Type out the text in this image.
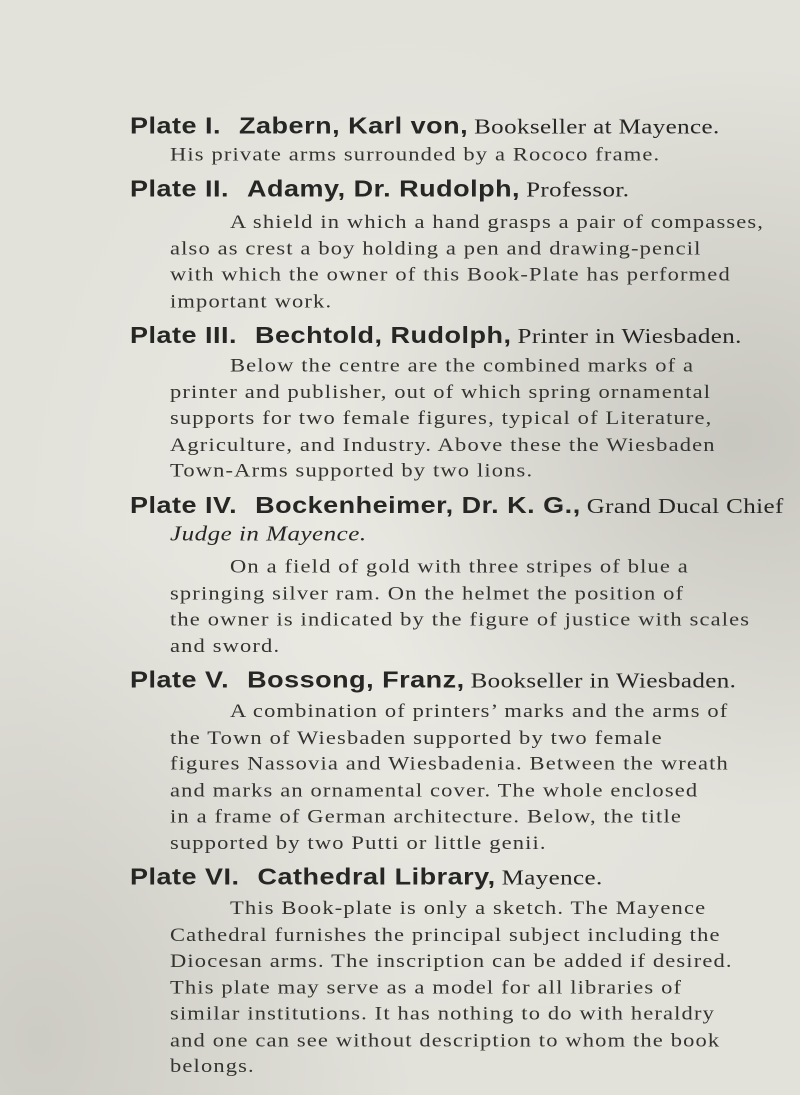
Plate I. Zabern, Karl von, Bookseller at Mayence.
His private arms surrounded by a Rococo frame.
Plate II. Adamy, Dr. Rudolph, Professor.
A shield in which a hand grasps a pair of compasses,
also as crest a boy holding a pen and drawing-pencil
with which the owner of this Book-Plate has performed
important work.
Plate III. Bechtold, Rudolph, Printer in Wiesbaden.
Below the centre are the combined marks of a
printer and publisher, out of which spring ornamental
supports for two female figures, typical of Literature,
Agriculture, and Industry. Above these the Wiesbaden
Town-Arms supported by two lions.
Plate IV. Bockenheimer, Dr. K. G., Grand Ducal Chief
Judge in Mayence.
On a field of gold with three stripes of blue a
springing silver ram. On the helmet the position of
the owner is indicated by the figure of justice with scales
and sword.
Plate V. Bossong, Franz, Bookseller in Wiesbaden.
A combination of printers’ marks and the arms of
the Town of Wiesbaden supported by two female
figures Nassovia and Wiesbadenia. Between the wreath
and marks an ornamental cover. The whole enclosed
in a frame of German architecture. Below, the title
supported by two Putti or little genii.
Plate VI. Cathedral Library, Mayence.
This Book-plate is only a sketch. The Mayence
Cathedral furnishes the principal subject including the
Diocesan arms. The inscription can be added if desired.
This plate may serve as a model for all libraries of
similar institutions. It has nothing to do with heraldry
and one can see without description to whom the book
belongs.
